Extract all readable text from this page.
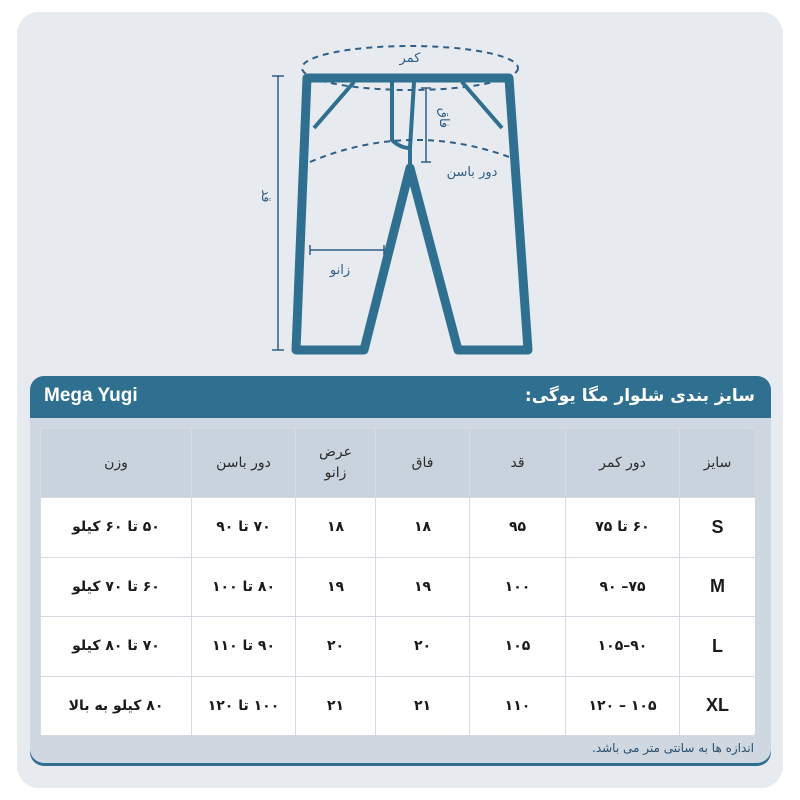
کمر
فاق
دور باسن
قد
زانو
Mega Yugi	سایز بندی شلوار مگا یوگی:
سایز	دور کمر	قد	فاق	عرض زانو	دور باسن	وزن
S	۶۰ تا ۷۵	۹۵	۱۸	۱۸	۷۰ تا ۹۰	۵۰ تا ۶۰ کیلو
M	۷۵– ۹۰	۱۰۰	۱۹	۱۹	۸۰ تا ۱۰۰	۶۰ تا ۷۰ کیلو
L	۹۰–۱۰۵	۱۰۵	۲۰	۲۰	۹۰ تا ۱۱۰	۷۰ تا ۸۰ کیلو
XL	۱۰۵ – ۱۲۰	۱۱۰	۲۱	۲۱	۱۰۰ تا ۱۲۰	۸۰ کیلو به بالا
اندازه ها به سانتی متر می باشد.
